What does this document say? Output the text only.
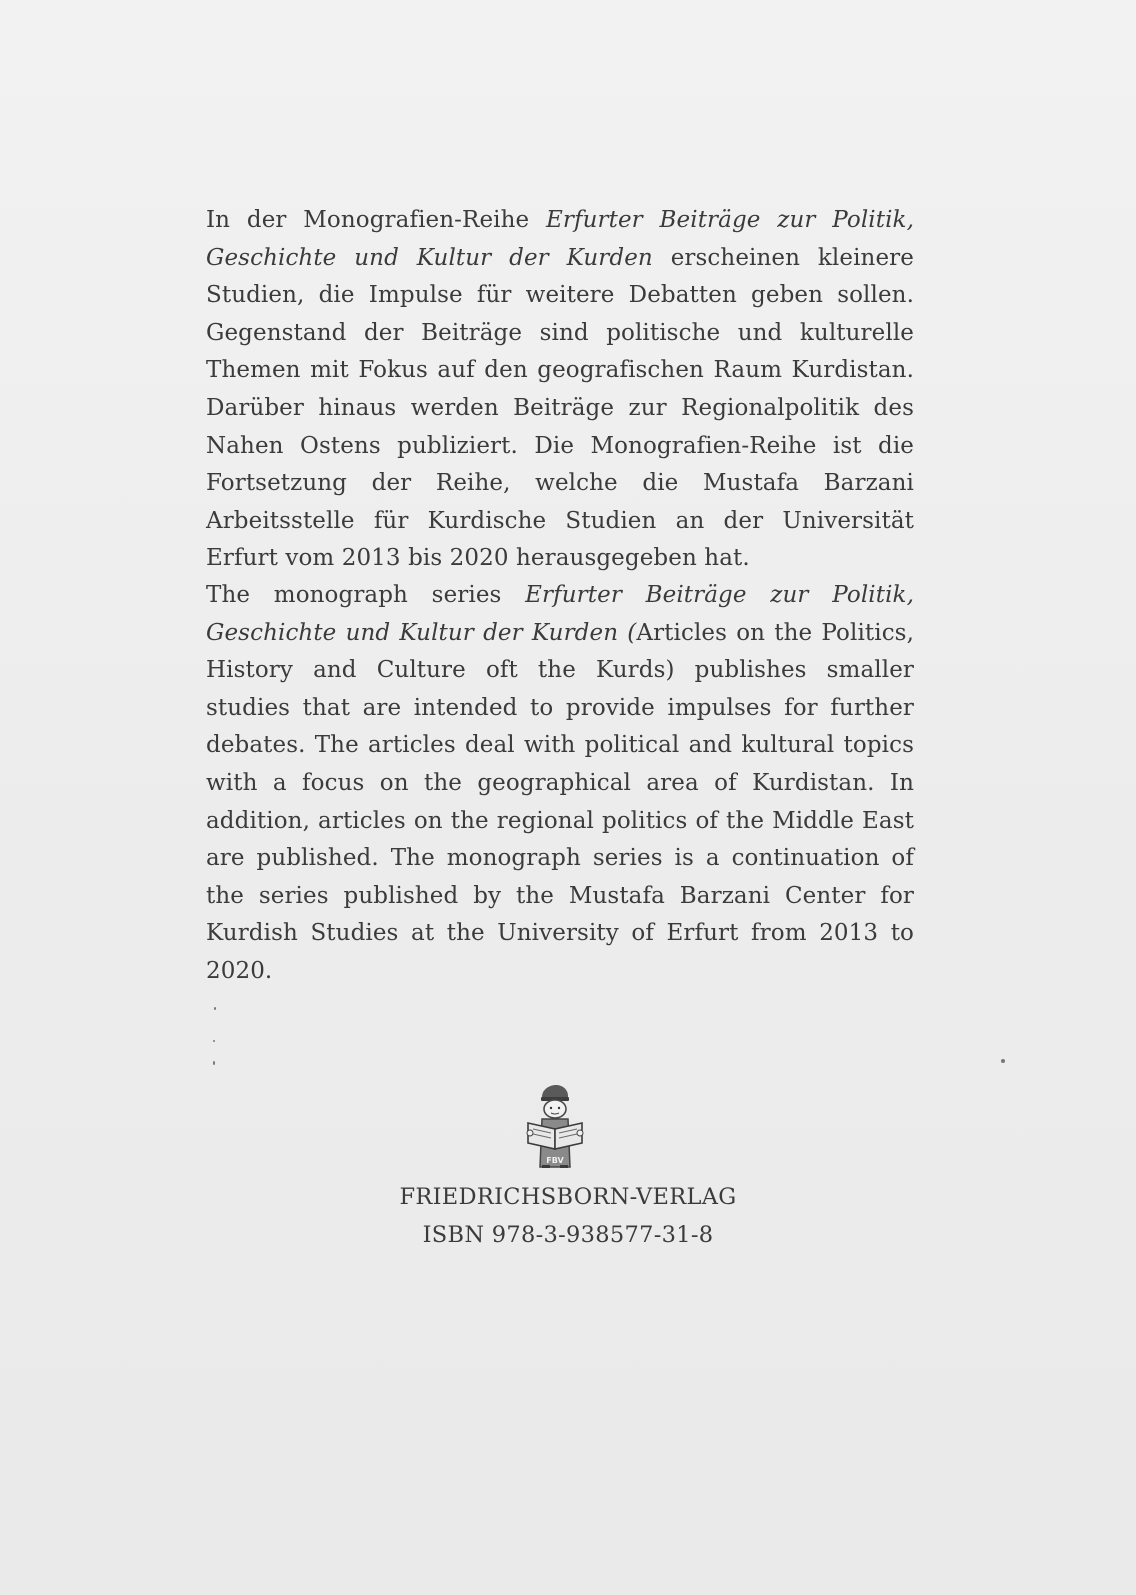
In der Monografien-Reihe Erfurter Beiträge zur Politik, Geschichte und Kultur der Kurden erscheinen kleinere Studien, die Impulse für weitere Debatten geben sollen. Gegenstand der Beiträge sind politische und kulturelle Themen mit Fokus auf den geografischen Raum Kurdistan. Darüber hinaus werden Beiträge zur Regionalpolitik des Nahen Ostens publiziert. Die Monografien-Reihe ist die Fortsetzung der Reihe, welche die Mustafa Barzani Arbeitsstelle für Kurdische Studien an der Universität Erfurt vom 2013 bis 2020 herausgegeben hat.

The monograph series Erfurter Beiträge zur Politik, Geschichte und Kultur der Kurden (Articles on the Politics, History and Culture oft the Kurds) publishes smaller studies that are intended to provide impulses for further debates. The articles deal with political and kultural topics with a focus on the geographical area of Kurdistan. In addition, articles on the regional politics of the Middle East are published. The monograph series is a continuation of the series published by the Mustafa Barzani Center for Kurdish Studies at the University of Erfurt from 2013 to 2020.

FBV
FRIEDRICHSBORN-VERLAG
ISBN 978-3-938577-31-8
